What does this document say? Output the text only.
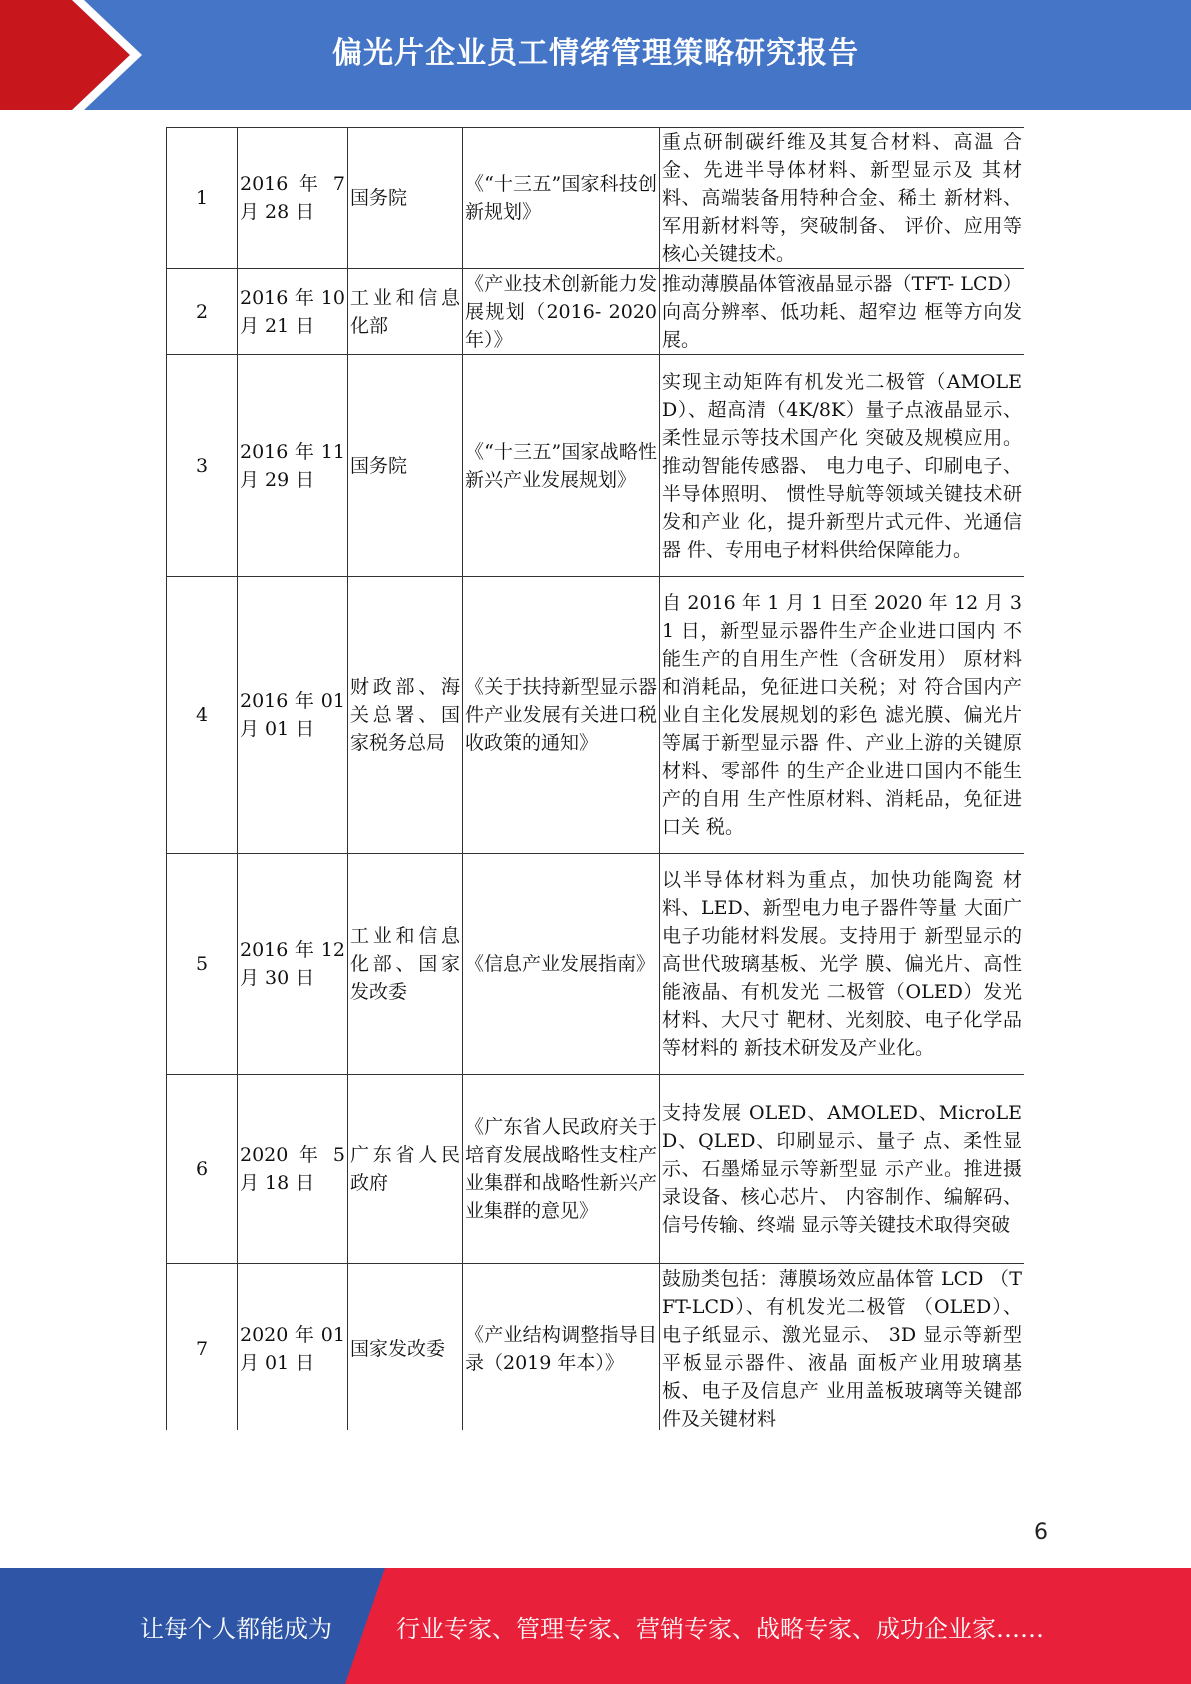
偏光片企业员工情绪管理策略研究报告
1	2016 年 7 月 28 日	国务院	《“十三五”国家科技创新规划》	重点研制碳纤维及其复合材料、高温 合金、先进半导体材料、新型显示及 其材料、高端装备用特种合金、稀土 新材料、军用新材料等，突破制备、 评价、应用等核心关键技术。
2	2016 年 10 月 21 日	工业和信息化部	《产业技术创新能力发展规划（2016- 2020 年）》	推动薄膜晶体管液晶显示器（TFT- LCD）向高分辨率、低功耗、超窄边 框等方向发展。
3	2016 年 11 月 29 日	国务院	《“十三五”国家战略性新兴产业发展规划》	实现主动矩阵有机发光二极管（AMOLED）、超高清（4K/8K）量子点液晶显示、柔性显示等技术国产化 突破及规模应用。推动智能传感器、 电力电子、印刷电子、半导体照明、 惯性导航等领域关键技术研发和产业 化，提升新型片式元件、光通信器 件、专用电子材料供给保障能力。
4	2016 年 01 月 01 日	财政部、海关总署、国家税务总局	《关于扶持新型显示器件产业发展有关进口税收政策的通知》	自 2016 年 1 月 1 日至 2020 年 12 月 31 日，新型显示器件生产企业进口国内 不能生产的自用生产性（含研发用） 原材料和消耗品，免征进口关税；对 符合国内产业自主化发展规划的彩色 滤光膜、偏光片等属于新型显示器 件、产业上游的关键原材料、零部件 的生产企业进口国内不能生产的自用 生产性原材料、消耗品，免征进口关 税。
5	2016 年 12 月 30 日	工业和信息化部、国家发改委	《信息产业发展指南》	以半导体材料为重点，加快功能陶瓷 材料、LED、新型电力电子器件等量 大面广电子功能材料发展。支持用于 新型显示的高世代玻璃基板、光学 膜、偏光片、高性能液晶、有机发光 二极管（OLED）发光材料、大尺寸 靶材、光刻胶、电子化学品等材料的 新技术研发及产业化。
6	2020 年 5 月 18 日	广东省人民政府	《广东省人民政府关于培育发展战略性支柱产业集群和战略性新兴产业集群的意见》	支持发展 OLED、AMOLED、MicroLED、QLED、印刷显示、量子 点、柔性显示、石墨烯显示等新型显 示产业。推进摄录设备、核心芯片、 内容制作、编解码、信号传输、终端 显示等关键技术取得突破
7	2020 年 01 月 01 日	国家发改委	《产业结构调整指导目录（2019 年本）》	鼓励类包括：薄膜场效应晶体管 LCD （TFT-LCD）、有机发光二极管 （OLED）、电子纸显示、激光显示、 3D 显示等新型平板显示器件、液晶 面板产业用玻璃基板、电子及信息产 业用盖板玻璃等关键部件及关键材料
6
让每个人都能成为	行业专家、管理专家、营销专家、战略专家、成功企业家……
